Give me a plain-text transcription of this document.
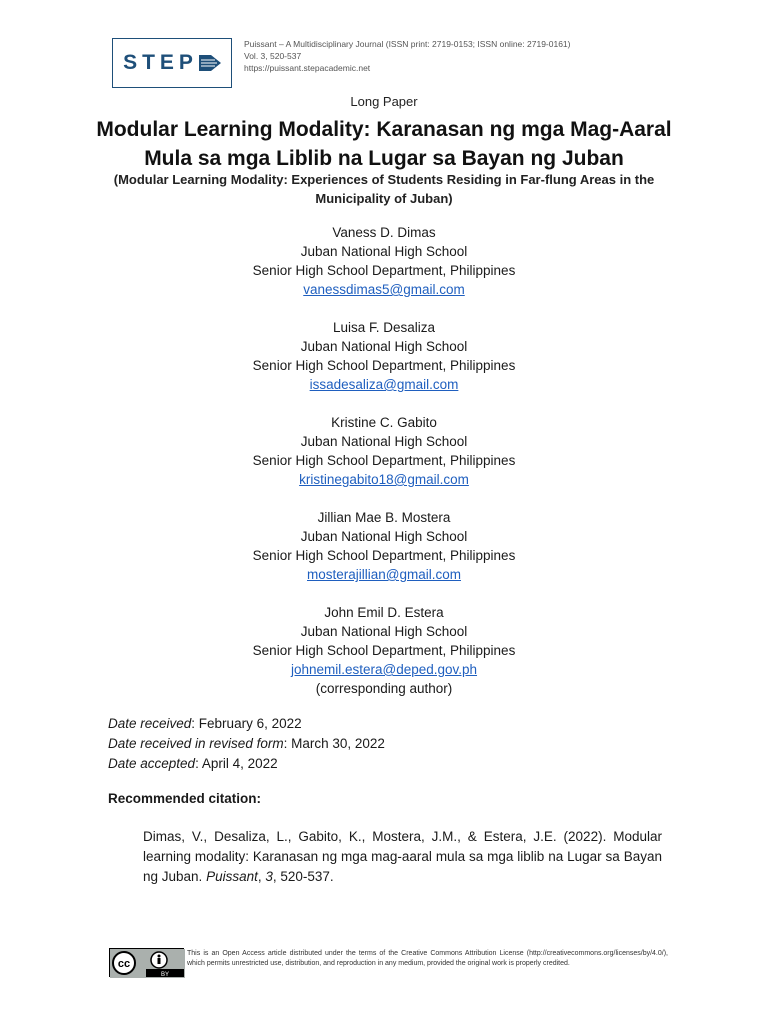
STEP
Puissant – A Multidisciplinary Journal (ISSN print: 2719-0153; ISSN online: 2719-0161)
Vol. 3, 520-537
https://puissant.stepacademic.net
Long Paper
Modular Learning Modality: Karanasan ng mga Mag-Aaral Mula sa mga Liblib na Lugar sa Bayan ng Juban
(Modular Learning Modality: Experiences of Students Residing in Far-flung Areas in the Municipality of Juban)
Vaness D. Dimas
Juban National High School
Senior High School Department, Philippines
vanessdimas5@gmail.com
Luisa F. Desaliza
Juban National High School
Senior High School Department, Philippines
issadesaliza@gmail.com
Kristine C. Gabito
Juban National High School
Senior High School Department, Philippines
kristinegabito18@gmail.com
Jillian Mae B. Mostera
Juban National High School
Senior High School Department, Philippines
mosterajillian@gmail.com
John Emil D. Estera
Juban National High School
Senior High School Department, Philippines
johnemil.estera@deped.gov.ph
(corresponding author)
Date received: February 6, 2022
Date received in revised form: March 30, 2022
Date accepted: April 4, 2022
Recommended citation:
Dimas, V., Desaliza, L., Gabito, K., Mostera, J.M., & Estera, J.E. (2022). Modular learning modality: Karanasan ng mga mag-aaral mula sa mga liblib na Lugar sa Bayan ng Juban. Puissant, 3, 520-537.
cc
BY
This is an Open Access article distributed under the terms of the Creative Commons Attribution License (http://creativecommons.org/licenses/by/4.0/), which permits unrestricted use, distribution, and reproduction in any medium, provided the original work is properly credited.
